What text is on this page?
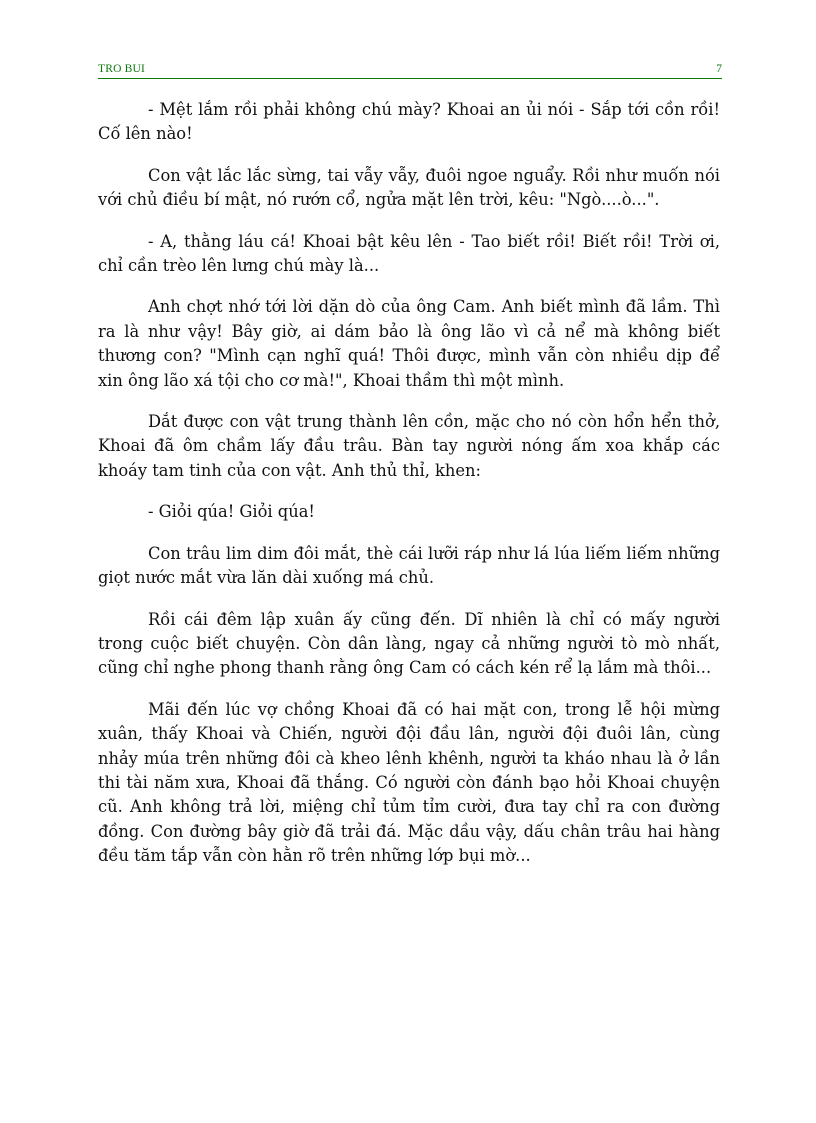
TRO BUI	7

- Mệt lắm rồi phải không chú mày? Khoai an ủi nói - Sắp tới cồn rồi! Cố lên nào!

Con vật lắc lắc sừng, tai vẫy vẫy, đuôi ngoe nguẩy. Rồi như muốn nói với chủ điều bí mật, nó rướn cổ, ngửa mặt lên trời, kêu: "Ngò....ò...".

- A, thằng láu cá! Khoai bật kêu lên - Tao biết rồi! Biết rồi! Trời ơi, chỉ cần trèo lên lưng chú mày là...

Anh chợt nhớ tới lời dặn dò của ông Cam. Anh biết mình đã lầm. Thì ra là như vậy! Bây giờ, ai dám bảo là ông lão vì cả nể mà không biết thương con? "Mình cạn nghĩ quá! Thôi được, mình vẫn còn nhiều dịp để xin ông lão xá tội cho cơ mà!", Khoai thầm thì một mình.

Dắt được con vật trung thành lên cồn, mặc cho nó còn hổn hển thở, Khoai đã ôm chầm lấy đầu trâu. Bàn tay người nóng ấm xoa khắp các khoáy tam tinh của con vật. Anh thủ thỉ, khen:

- Giỏi qúa! Giỏi qúa!

Con trâu lim dim đôi mắt, thè cái lưỡi ráp như lá lúa liếm liếm những giọt nước mắt vừa lăn dài xuống má chủ.

Rồi cái đêm lập xuân ấy cũng đến. Dĩ nhiên là chỉ có mấy người trong cuộc biết chuyện. Còn dân làng, ngay cả những người tò mò nhất, cũng chỉ nghe phong thanh rằng ông Cam có cách kén rể lạ lắm mà thôi...

Mãi đến lúc vợ chồng Khoai đã có hai mặt con, trong lễ hội mừng xuân, thấy Khoai và Chiến, người đội đầu lân, người đội đuôi lân, cùng nhảy múa trên những đôi cà kheo lênh khênh, người ta kháo nhau là ở lần thi tài năm xưa, Khoai đã thắng. Có người còn đánh bạo hỏi Khoai chuyện cũ. Anh không trả lời, miệng chỉ tủm tỉm cười, đưa tay chỉ ra con đường đồng. Con đường bây giờ đã trải đá. Mặc dầu vậy, dấu chân trâu hai hàng đều tăm tắp vẫn còn hằn rõ trên những lớp bụi mờ...
